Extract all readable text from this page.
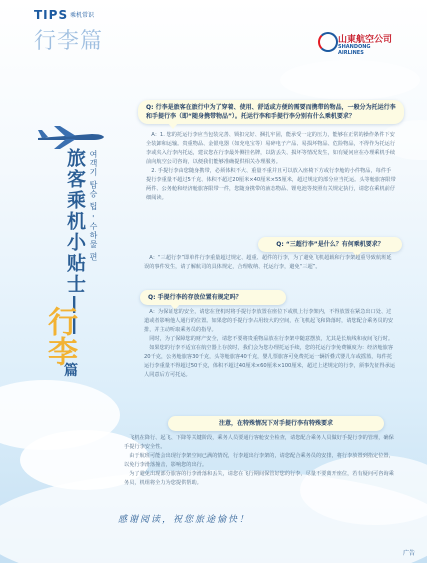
TIPS 乘机常识
行李篇	山東航空公司
SHANDONG
AIRLINES
旅客乘机小贴士—— 여객기 탑승 팁 - 수하물 편
行李
篇
Q: 行李是旅客在旅行中为了穿着、使用、舒适或方便的需要而携带的物品，一般分为托运行李和手提行李（即“随身携带物品”）。托运行李和手提行李分别有什么乘机要求？

A：1. 您的托运行李应当包装完善、锁扣完好、捆扎牢固，能承受一定的压力，能够在正常的操作条件下安全装卸和运输。贵重物品、金银电器（如充电宝等）易碎电子产品、易损坏物品、危险物品，不得作为托运行李或夹入行李内托运，建议您在行李最外侧挂名牌，以防丢失、损坏等情况发生，如有疑问应在办理乘机手续前向航空公司咨询，以便我们能够准确提供相关办理服务。

2. 手提行李由您随身携带，必须体积不大、重量不重并且可以放入座椅下方或行李舱的小件物品，每件手提行李重量不超过5千克、体积不超过20厘米×40厘米×55厘米，超过规定的部分应当托运。头等舱旅客限带两件、公务舱和经济舱旅客限带一件，您随身携带的液态物品、锂电池等按照有关规定执行，请您在乘机前仔细阅读。

Q: “三超行李”是什么？有何乘机要求？

A：“三超行李”即单件行李重量超过规定、超重、超件的行李，为了避免飞机超载和行李架超重导致航班延误的事件发生，请了解航司的具体规定，合理收纳、托运行李，避免“三超”。

Q: 手提行李的存放位置有规定吗？

A：为保证您的安全，请您在登机时将手提行李放置在座位下或机上行李架内，不得放置在紧急出口处、过道或者影响他人通行的位置。如果您的手提行李占用较大的空间，在飞机起飞和降落时，请您配合乘务员的安排，并主动听取乘务员的指导。

同时，为了保障您的财产安全，请您不要将贵重物品放在行李架中随意摆放，尤其是长航线和夜间飞行时。

如果您的行李不适宜在航空器上存放时，我们会为您办理托运手续，您的托运行李免费额度为：经济舱旅客20千克，公务舱旅客30千克，头等舱旅客40千克，婴儿票旅客可免费托运一辆折叠式婴儿车或摇篮，每件托运行李重量不得超过50千克，体积不超过40厘米×60厘米×100厘米，超过上述规定的行李，须事先征得承运人同意后方可托运。

注意，在特殊情况下对手提行李有特殊要求

飞机在降行、起飞、下降等关键阶段，乘务人员要通行客舱安全检查，请您配合乘务人员做好手提行李的管理，确保手提行李安全性。

由于航班可能会出现行李架空间已满的情况，行李超出行李架的，请您配合乘务员的安排，将行李放置到指定位置，以免行李滑落撞击，影响您的出行。

为了避免出现部分旅客的行李滑落和丢失，请您在飞行期间保管好您的行李，尽量不要离开座位，若有疑问可咨询乘务员，机组将全力为您提供帮助。

感谢阅读，祝您旅途愉快！
广告
